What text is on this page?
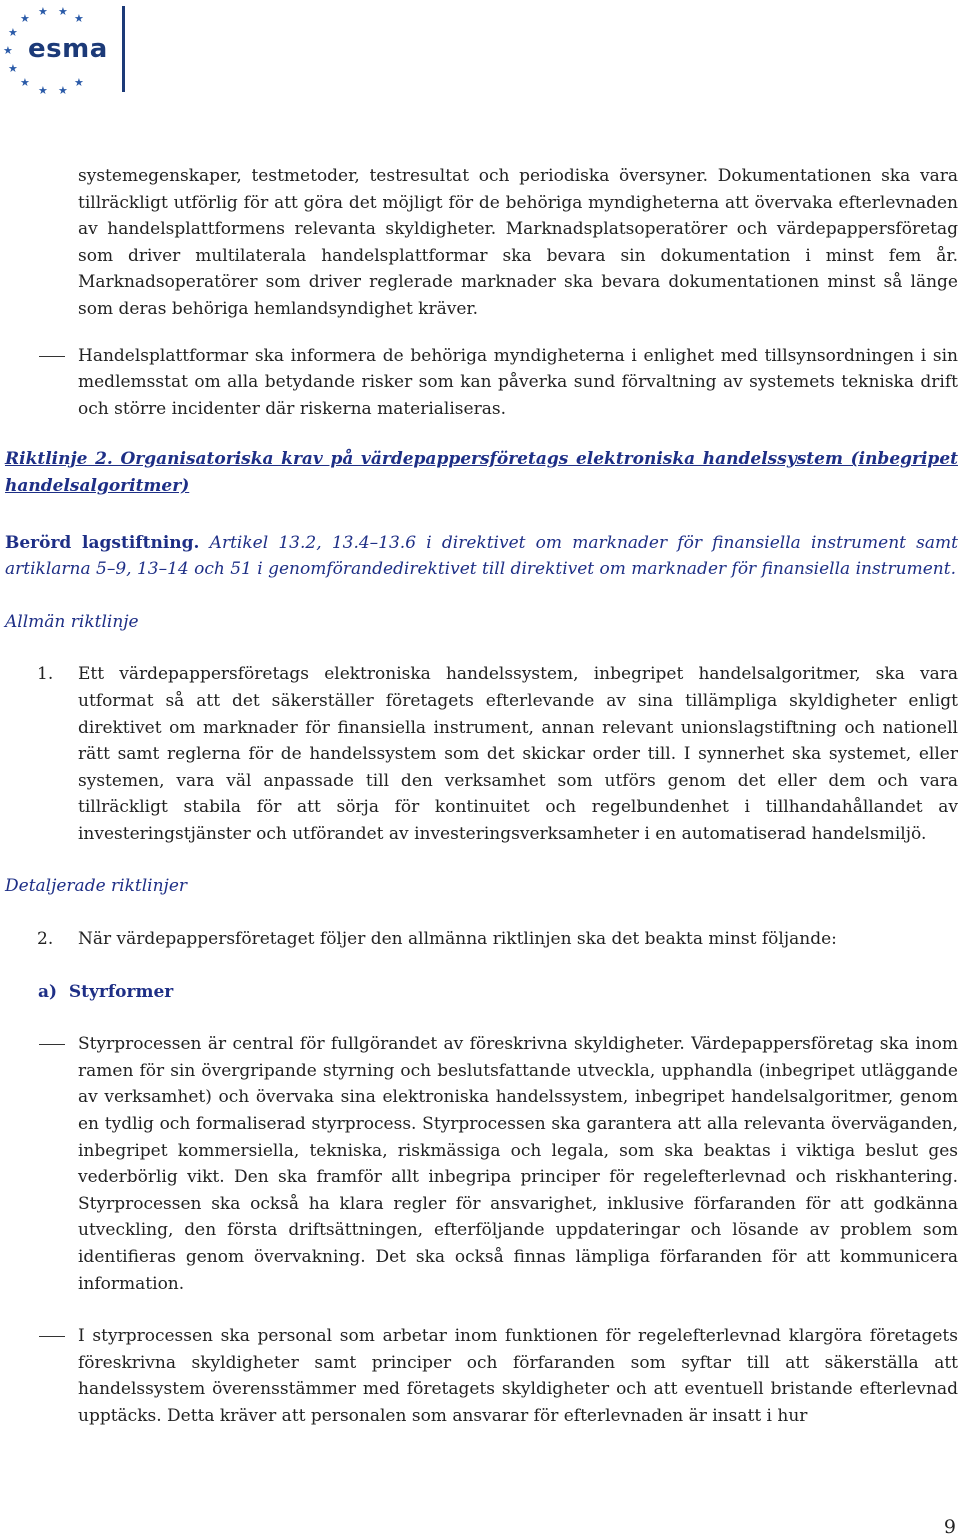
★ ★
★	★
★
★
★
★
★ ★
★
esma

systemegenskaper, testmetoder, testresultat och periodiska översyner. Dokumentationen ska vara tillräckligt utförlig för att göra det möjligt för de behöriga myndigheterna att övervaka efterlevnaden av handelsplattformens relevanta skyldigheter. Marknadsplatsoperatörer och värdepappersföretag som driver multilaterala handelsplattformar ska bevara sin dokumentation i minst fem år. Marknadsoperatörer som driver reglerade marknader ska bevara dokumentationen minst så länge som deras behöriga hemlandsyndighet kräver.

Handelsplattformar ska informera de behöriga myndigheterna i enlighet med tillsynsordningen i sin medlemsstat om alla betydande risker som kan påverka sund förvaltning av systemets tekniska drift och större incidenter där riskerna materialiseras.

Riktlinje 2. Organisatoriska krav på värdepappersföretags elektroniska handelssystem (inbegripet handelsalgoritmer)

Berörd lagstiftning. Artikel 13.2, 13.4–13.6 i direktivet om marknader för finansiella instrument samt artiklarna 5–9, 13–14 och 51 i genomförandedirektivet till direktivet om marknader för finansiella instrument.

Allmän riktlinje

1. Ett värdepappersföretags elektroniska handelssystem, inbegripet handelsalgoritmer, ska vara utformat så att det säkerställer företagets efterlevande av sina tillämpliga skyldigheter enligt direktivet om marknader för finansiella instrument, annan relevant unionslagstiftning och nationell rätt samt reglerna för de handelssystem som det skickar order till. I synnerhet ska systemet, eller systemen, vara väl anpassade till den verksamhet som utförs genom det eller dem och vara tillräckligt stabila för att sörja för kontinuitet och regelbundenhet i tillhandahållandet av investeringstjänster och utförandet av investeringsverksamheter i en automatiserad handelsmiljö.

Detaljerade riktlinjer

2. När värdepappersföretaget följer den allmänna riktlinjen ska det beakta minst följande:

a)  Styrformer

Styrprocessen är central för fullgörandet av föreskrivna skyldigheter. Värdepappersföretag ska inom ramen för sin övergripande styrning och beslutsfattande utveckla, upphandla (inbegripet utläggande av verksamhet) och övervaka sina elektroniska handelssystem, inbegripet handelsalgoritmer, genom en tydlig och formaliserad styrprocess. Styrprocessen ska garantera att alla relevanta överväganden, inbegripet kommersiella, tekniska, riskmässiga och legala, som ska beaktas i viktiga beslut ges vederbörlig vikt. Den ska framför allt inbegripa principer för regelefterlevnad och riskhantering. Styrprocessen ska också ha klara regler för ansvarighet, inklusive förfaranden för att godkänna utveckling, den första driftsättningen, efterföljande uppdateringar och lösande av problem som identifieras genom övervakning. Det ska också finnas lämpliga förfaranden för att kommunicera information.
I styrprocessen ska personal som arbetar inom funktionen för regelefterlevnad klargöra företagets föreskrivna skyldigheter samt principer och förfaranden som syftar till att säkerställa att handelssystem överensstämmer med företagets skyldigheter och att eventuell bristande efterlevnad upptäcks. Detta kräver att personalen som ansvarar för efterlevnaden är insatt i hur
9
